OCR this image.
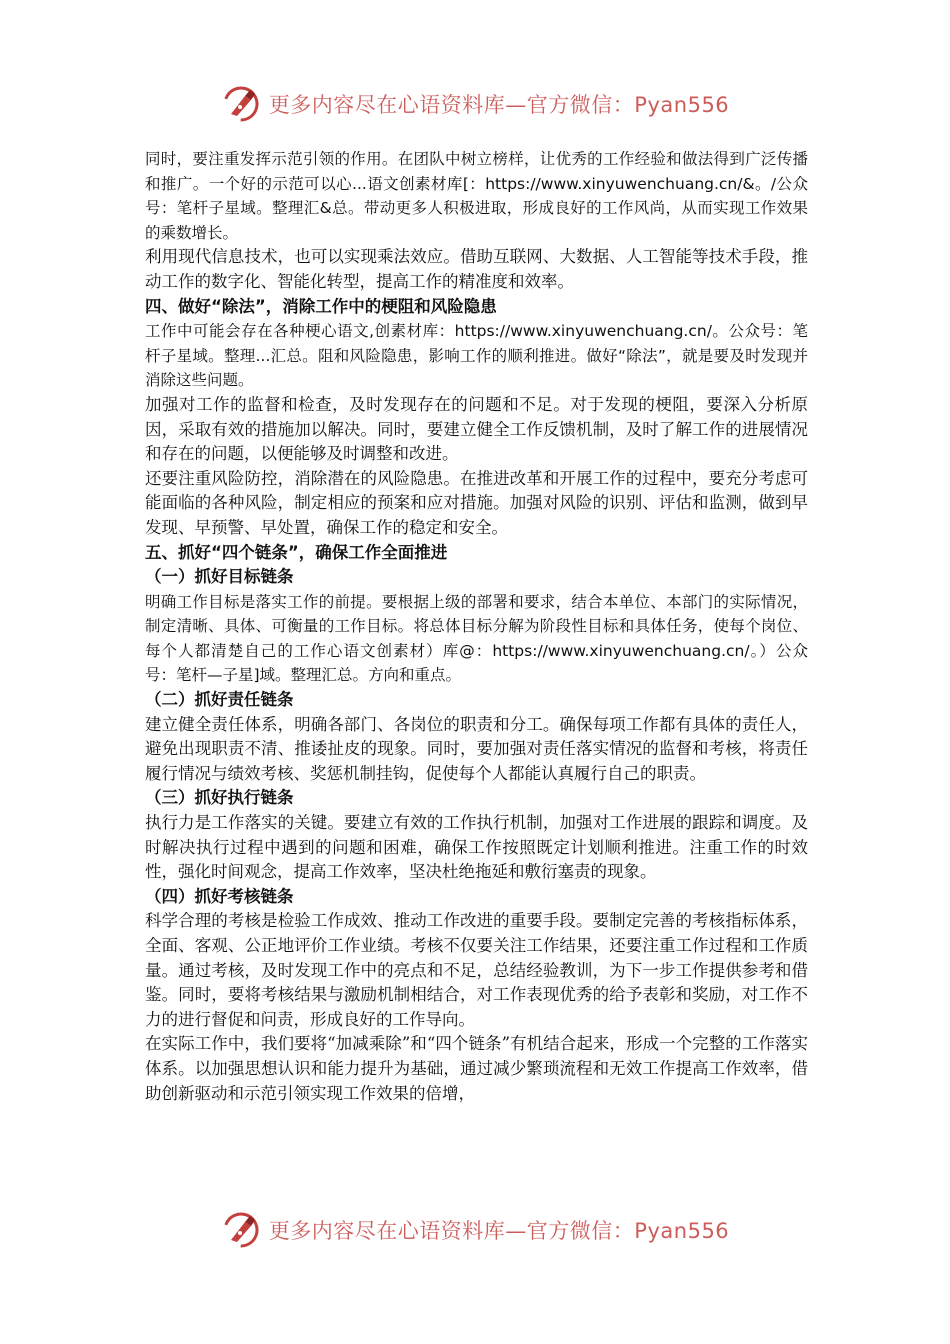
更多内容尽在心语资料库—官方微信：Pyan556

同时，要注重发挥示范引领的作用。在团队中树立榜样，让优秀的工作经验和做法得到广泛传播和推广。一个好的示范可以心...语文创素材库[：https://www.xinyuwenchuang.cn/&。/公众号：笔杆子星域。整理汇&总。带动更多人积极进取，形成良好的工作风尚，从而实现工作效果的乘数增长。

利用现代信息技术，也可以实现乘法效应。借助互联网、大数据、人工智能等技术手段，推动工作的数字化、智能化转型，提高工作的精准度和效率。

四、做好“除法”，消除工作中的梗阻和风险隐患

工作中可能会存在各种梗心语文,创素材库：https://www.xinyuwenchuang.cn/。公众号：笔杆子星域。整理...汇总。阻和风险隐患，影响工作的顺利推进。做好“除法”，就是要及时发现并消除这些问题。

加强对工作的监督和检查，及时发现存在的问题和不足。对于发现的梗阻，要深入分析原因，采取有效的措施加以解决。同时，要建立健全工作反馈机制，及时了解工作的进展情况和存在的问题，以便能够及时调整和改进。

还要注重风险防控，消除潜在的风险隐患。在推进改革和开展工作的过程中，要充分考虑可能面临的各种风险，制定相应的预案和应对措施。加强对风险的识别、评估和监测，做到早发现、早预警、早处置，确保工作的稳定和安全。

五、抓好“四个链条”，确保工作全面推进
（一）抓好目标链条

明确工作目标是落实工作的前提。要根据上级的部署和要求，结合本单位、本部门的实际情况，制定清晰、具体、可衡量的工作目标。将总体目标分解为阶段性目标和具体任务，使每个岗位、每个人都清楚自己的工作心语文创素材）库@：https://www.xinyuwenchuang.cn/。）公众号：笔杆—子星]域。整理汇总。方向和重点。

（二）抓好责任链条

建立健全责任体系，明确各部门、各岗位的职责和分工。确保每项工作都有具体的责任人，避免出现职责不清、推诿扯皮的现象。同时，要加强对责任落实情况的监督和考核，将责任履行情况与绩效考核、奖惩机制挂钩，促使每个人都能认真履行自己的职责。

（三）抓好执行链条

执行力是工作落实的关键。要建立有效的工作执行机制，加强对工作进展的跟踪和调度。及时解决执行过程中遇到的问题和困难，确保工作按照既定计划顺利推进。注重工作的时效性，强化时间观念，提高工作效率，坚决杜绝拖延和敷衍塞责的现象。

（四）抓好考核链条

科学合理的考核是检验工作成效、推动工作改进的重要手段。要制定完善的考核指标体系，全面、客观、公正地评价工作业绩。考核不仅要关注工作结果，还要注重工作过程和工作质量。通过考核，及时发现工作中的亮点和不足，总结经验教训，为下一步工作提供参考和借鉴。同时，要将考核结果与激励机制相结合，对工作表现优秀的给予表彰和奖励，对工作不力的进行督促和问责，形成良好的工作导向。

在实际工作中，我们要将“加减乘除”和“四个链条”有机结合起来，形成一个完整的工作落实体系。以加强思想认识和能力提升为基础，通过减少繁琐流程和无效工作提高工作效率，借助创新驱动和示范引领实现工作效果的倍增，

更多内容尽在心语资料库—官方微信：Pyan556
